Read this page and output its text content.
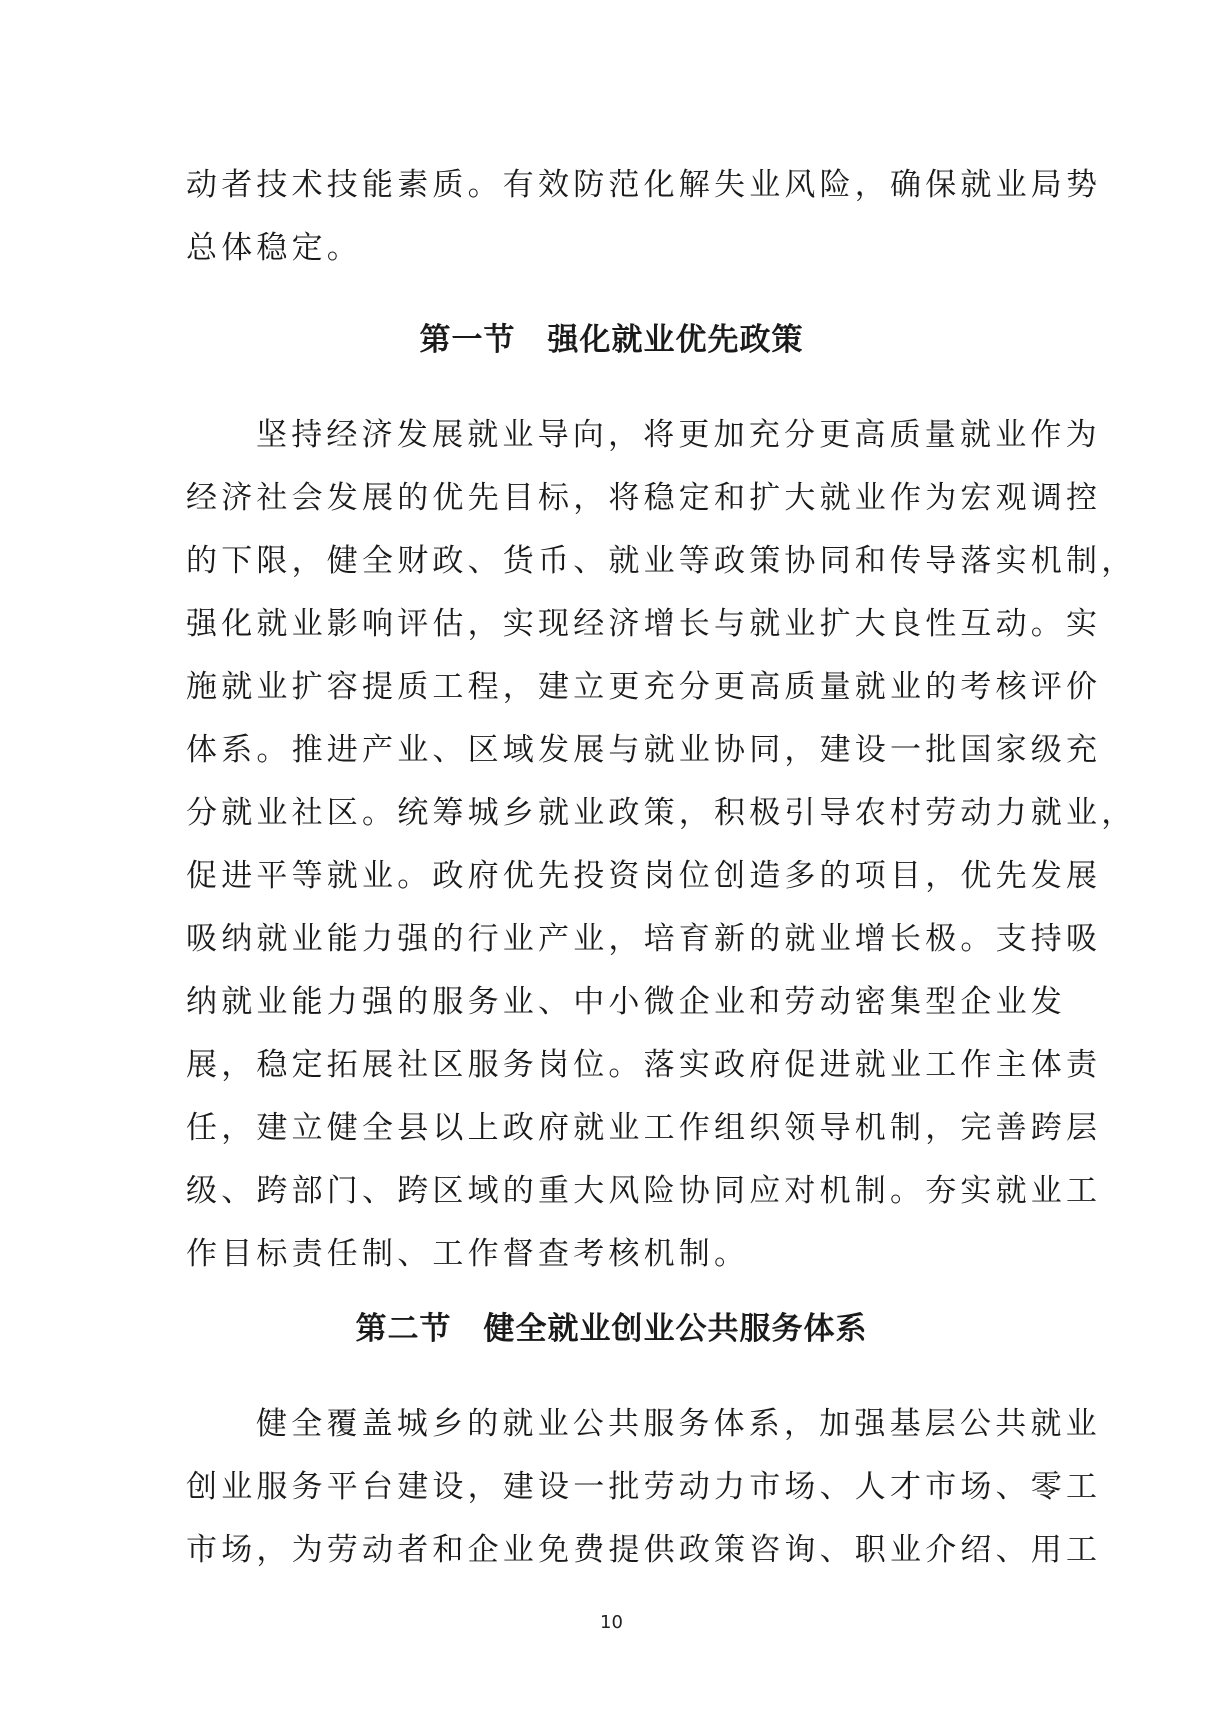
动者技术技能素质。有效防范化解失业风险，确保就业局势
总体稳定。
第一节　强化就业优先政策
坚持经济发展就业导向，将更加充分更高质量就业作为
经济社会发展的优先目标，将稳定和扩大就业作为宏观调控
的下限，健全财政、货币、就业等政策协同和传导落实机制，
强化就业影响评估，实现经济增长与就业扩大良性互动。实
施就业扩容提质工程，建立更充分更高质量就业的考核评价
体系。推进产业、区域发展与就业协同，建设一批国家级充
分就业社区。统筹城乡就业政策，积极引导农村劳动力就业，
促进平等就业。政府优先投资岗位创造多的项目，优先发展
吸纳就业能力强的行业产业，培育新的就业增长极。支持吸
纳就业能力强的服务业、中小微企业和劳动密集型企业发
展，稳定拓展社区服务岗位。落实政府促进就业工作主体责
任，建立健全县以上政府就业工作组织领导机制，完善跨层
级、跨部门、跨区域的重大风险协同应对机制。夯实就业工
作目标责任制、工作督查考核机制。
第二节　健全就业创业公共服务体系
健全覆盖城乡的就业公共服务体系，加强基层公共就业
创业服务平台建设，建设一批劳动力市场、人才市场、零工
市场，为劳动者和企业免费提供政策咨询、职业介绍、用工
10
